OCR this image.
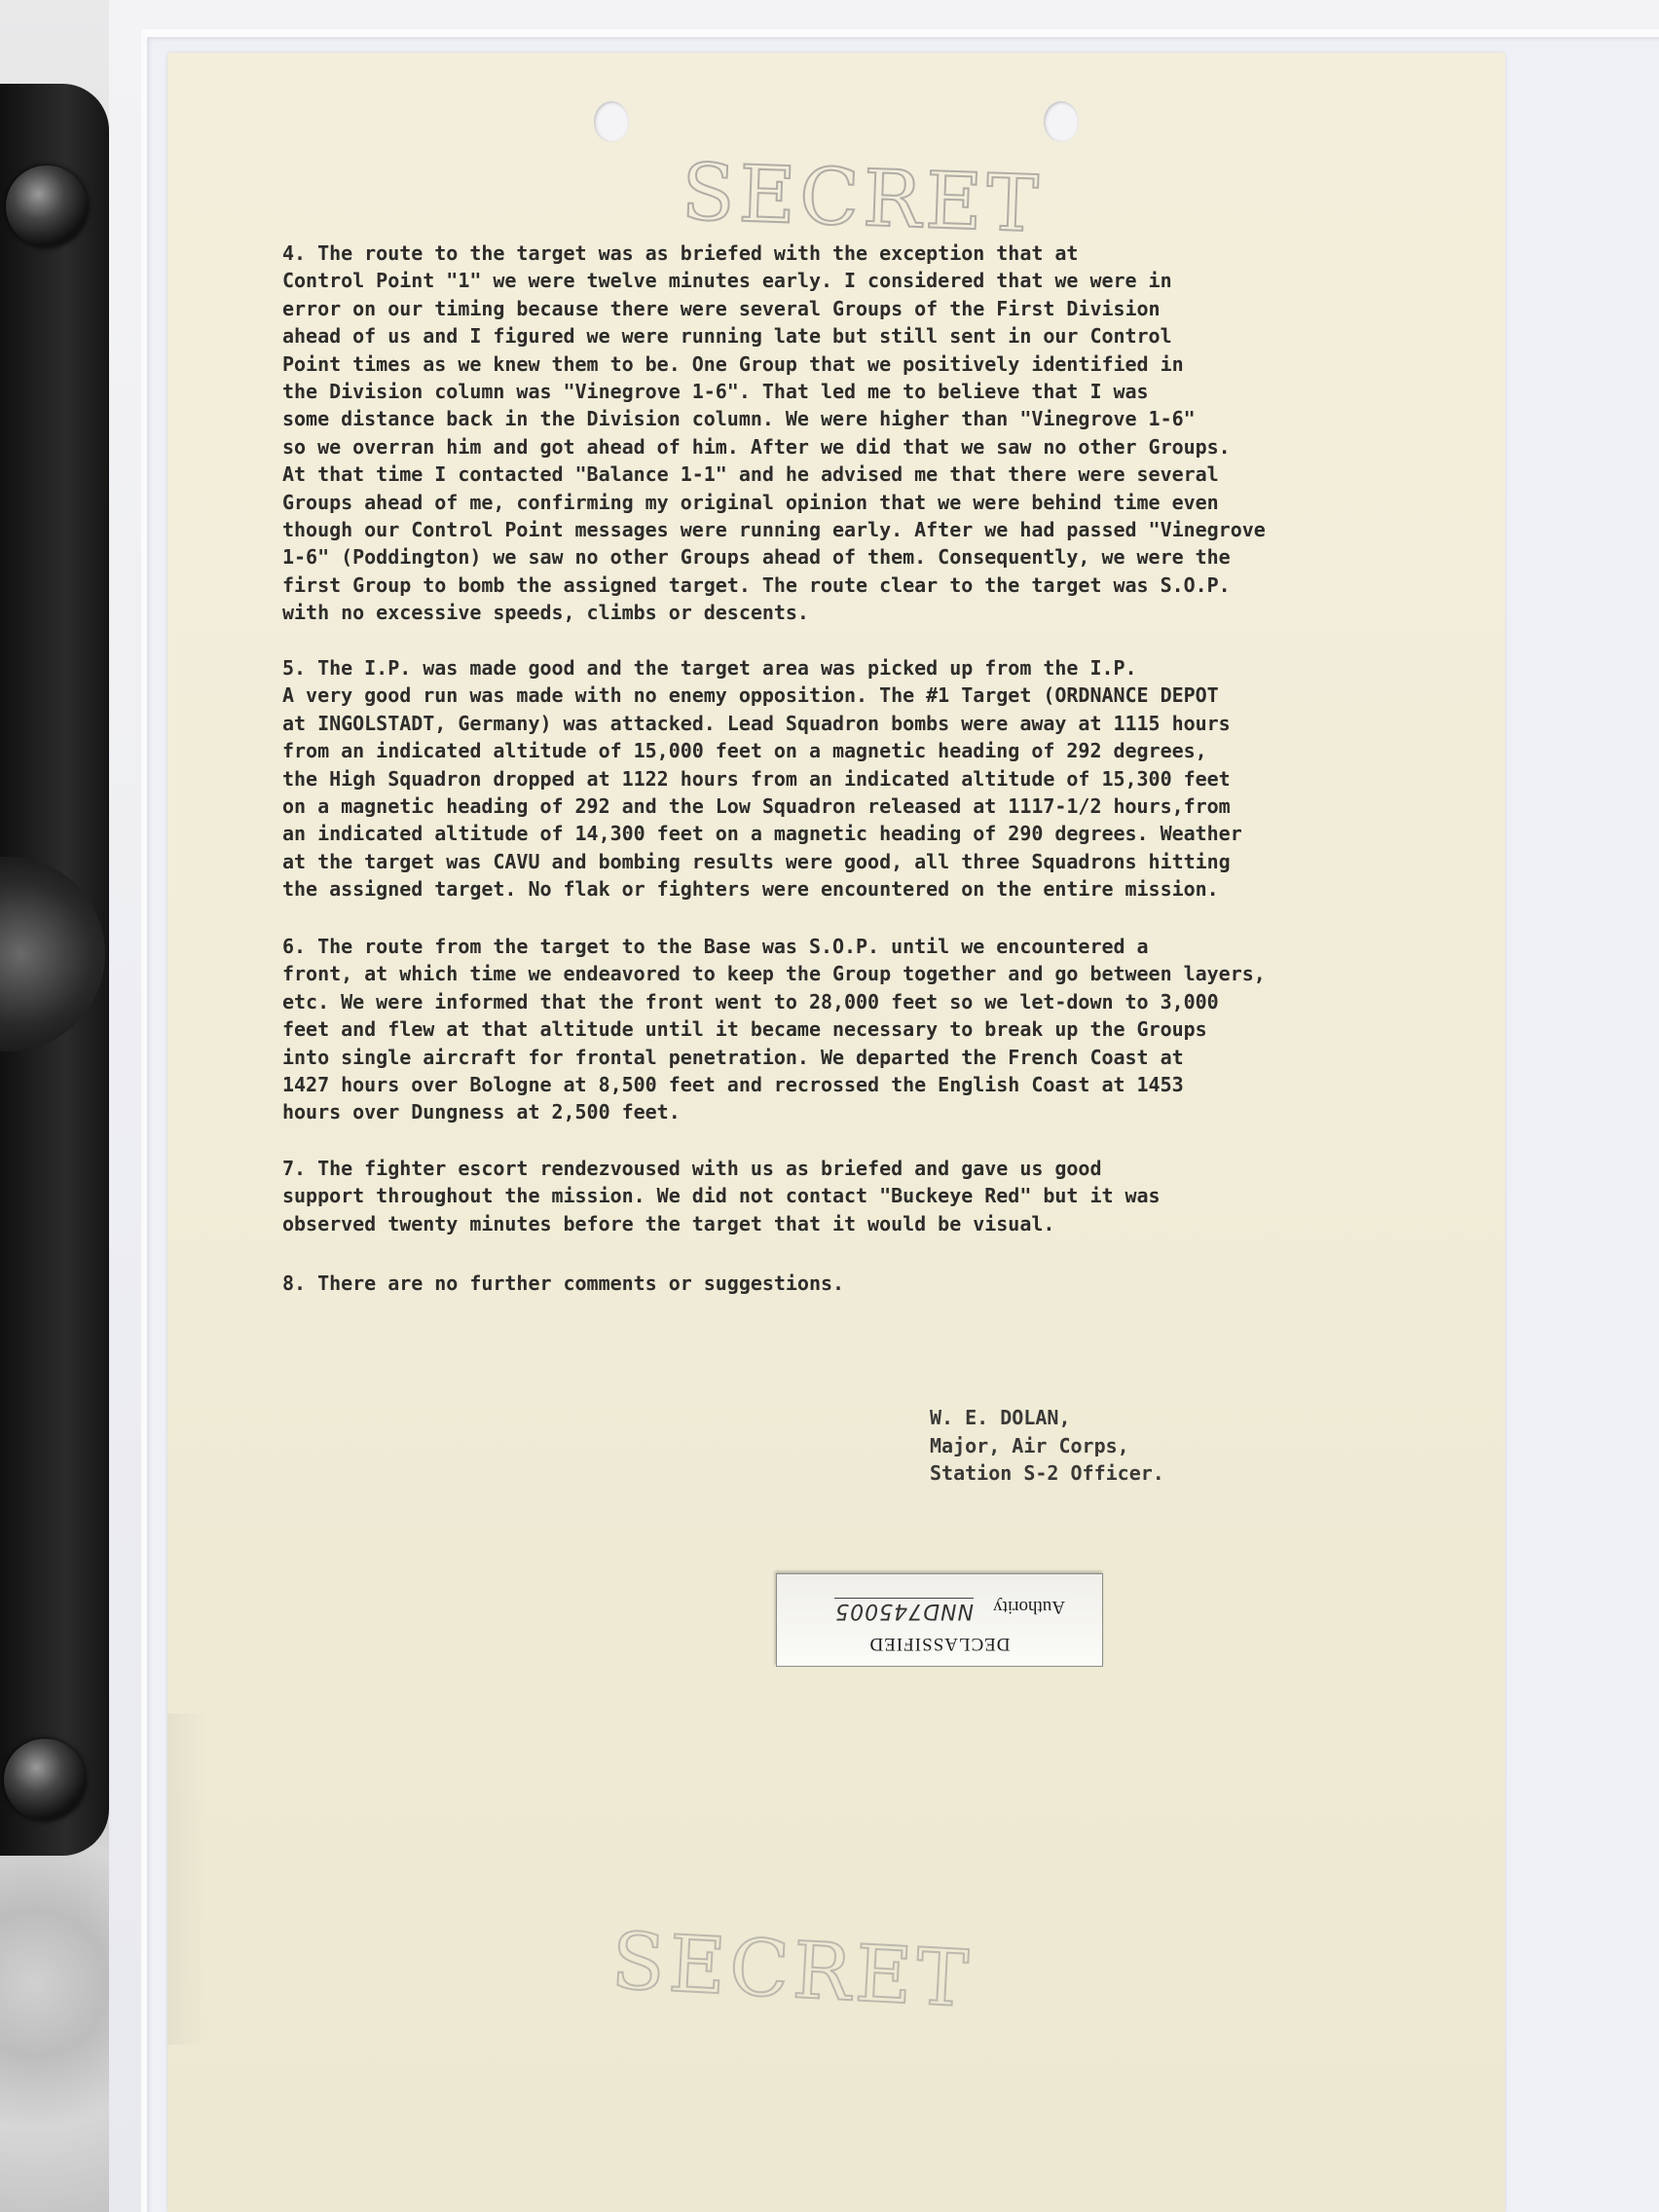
SECRET
4. The route to the target was as briefed with the exception that at
Control Point "1" we were twelve minutes early. I considered that we were in
error on our timing because there were several Groups of the First Division
ahead of us and I figured we were running late but still sent in our Control
Point times as we knew them to be. One Group that we positively identified in
the Division column was "Vinegrove 1-6". That led me to believe that I was
some distance back in the Division column. We were higher than "Vinegrove 1-6"
so we overran him and got ahead of him. After we did that we saw no other Groups.
At that time I contacted "Balance 1-1" and he advised me that there were several
Groups ahead of me, confirming my original opinion that we were behind time even
though our Control Point messages were running early. After we had passed "Vinegrove
1-6" (Poddington) we saw no other Groups ahead of them. Consequently, we were the
first Group to bomb the assigned target. The route clear to the target was S.O.P.
with no excessive speeds, climbs or descents.
5. The I.P. was made good and the target area was picked up from the I.P.
A very good run was made with no enemy opposition. The #1 Target (ORDNANCE DEPOT
at INGOLSTADT, Germany) was attacked. Lead Squadron bombs were away at 1115 hours
from an indicated altitude of 15,000 feet on a magnetic heading of 292 degrees,
the High Squadron dropped at 1122 hours from an indicated altitude of 15,300 feet
on a magnetic heading of 292 and the Low Squadron released at 1117-1/2 hours,from
an indicated altitude of 14,300 feet on a magnetic heading of 290 degrees. Weather
at the target was CAVU and bombing results were good, all three Squadrons hitting
the assigned target. No flak or fighters were encountered on the entire mission.
6. The route from the target to the Base was S.O.P. until we encountered a
front, at which time we endeavored to keep the Group together and go between layers,
etc. We were informed that the front went to 28,000 feet so we let-down to 3,000
feet and flew at that altitude until it became necessary to break up the Groups
into single aircraft for frontal penetration. We departed the French Coast at
1427 hours over Bologne at 8,500 feet and recrossed the English Coast at 1453
hours over Dungness at 2,500 feet.
7. The fighter escort rendezvoused with us as briefed and gave us good
support throughout the mission. We did not contact "Buckeye Red" but it was
observed twenty minutes before the target that it would be visual.
8. There are no further comments or suggestions.
W. E. DOLAN,
Major, Air Corps,
Station S-2 Officer.
DECLASSIFIED
Authority
NND745005
SECRET
